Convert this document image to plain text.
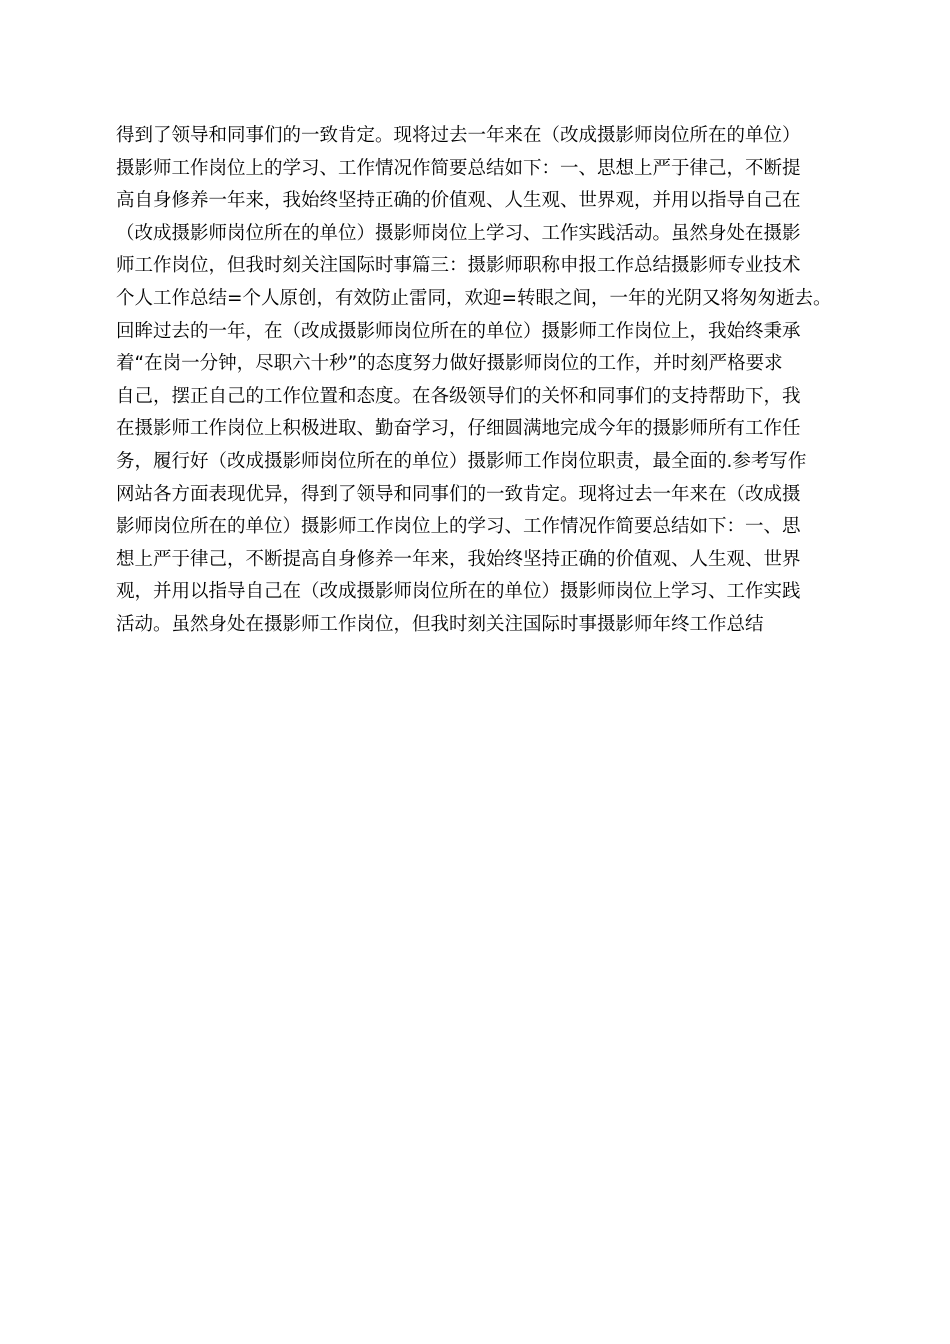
得到了领导和同事们的一致肯定。现将过去一年来在（改成摄影师岗位所在的单位）
摄影师工作岗位上的学习、工作情况作简要总结如下：一、思想上严于律己，不断提
高自身修养一年来，我始终坚持正确的价值观、人生观、世界观，并用以指导自己在
（改成摄影师岗位所在的单位）摄影师岗位上学习、工作实践活动。虽然身处在摄影
师工作岗位，但我时刻关注国际时事篇三：摄影师职称申报工作总结摄影师专业技术
个人工作总结=个人原创，有效防止雷同，欢迎=转眼之间，一年的光阴又将匆匆逝去。
回眸过去的一年，在（改成摄影师岗位所在的单位）摄影师工作岗位上，我始终秉承
着“在岗一分钟，尽职六十秒”的态度努力做好摄影师岗位的工作，并时刻严格要求
自己，摆正自己的工作位置和态度。在各级领导们的关怀和同事们的支持帮助下，我
在摄影师工作岗位上积极进取、勤奋学习，仔细圆满地完成今年的摄影师所有工作任
务，履行好（改成摄影师岗位所在的单位）摄影师工作岗位职责，最全面的.参考写作
网站各方面表现优异，得到了领导和同事们的一致肯定。现将过去一年来在（改成摄
影师岗位所在的单位）摄影师工作岗位上的学习、工作情况作简要总结如下：一、思
想上严于律己，不断提高自身修养一年来，我始终坚持正确的价值观、人生观、世界
观，并用以指导自己在（改成摄影师岗位所在的单位）摄影师岗位上学习、工作实践
活动。虽然身处在摄影师工作岗位，但我时刻关注国际时事摄影师年终工作总结
